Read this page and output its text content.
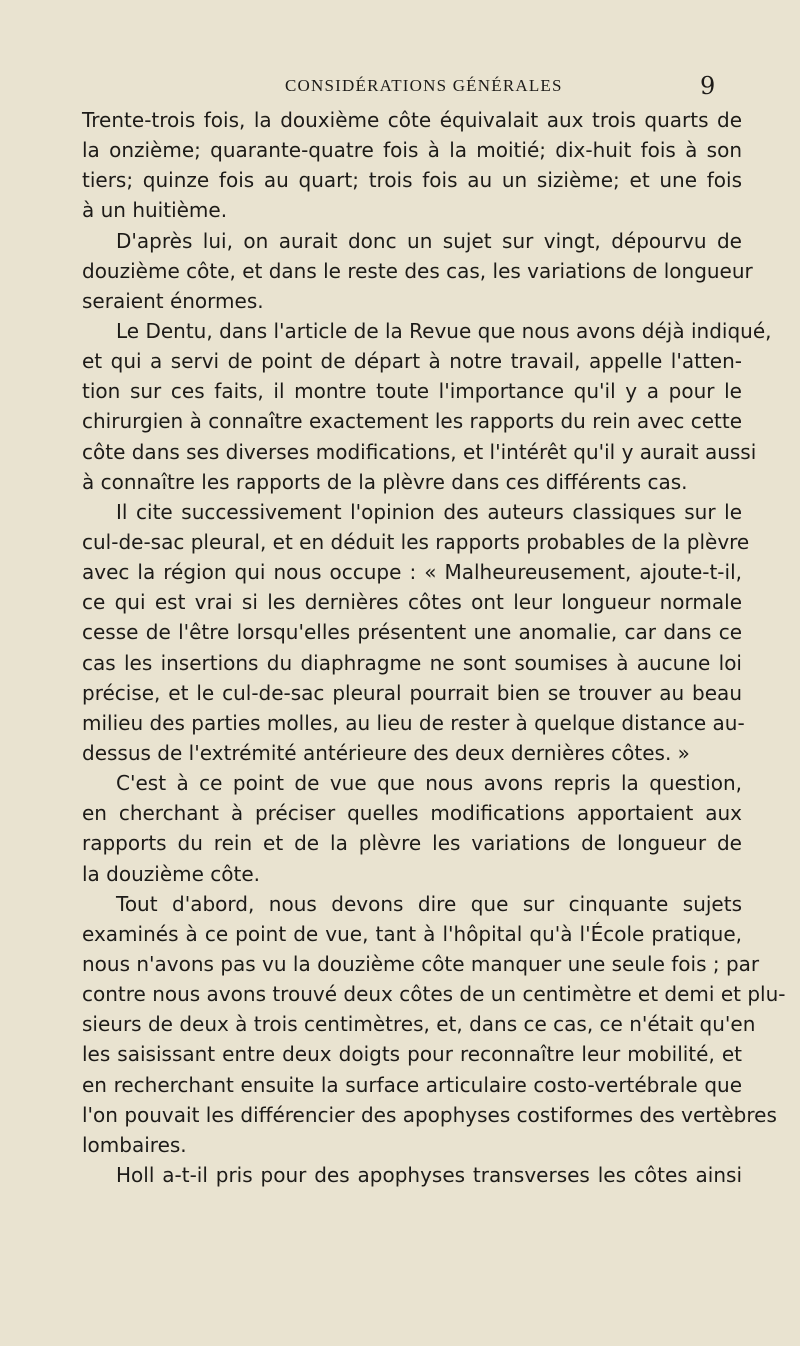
CONSIDÉRATIONS GÉNÉRALES	9
Trente-trois fois, la douxième côte équivalait aux trois quarts de
la onzième; quarante-quatre fois à la moitié; dix-huit fois à son
tiers; quinze fois au quart; trois fois au un sizième; et une fois
à un huitième.
D'après lui, on aurait donc un sujet sur vingt, dépourvu de
douzième côte, et dans le reste des cas, les variations de longueur
seraient énormes.
Le Dentu, dans l'article de la Revue que nous avons déjà indiqué,
et qui a servi de point de départ à notre travail, appelle l'atten-
tion sur ces faits, il montre toute l'importance qu'il y a pour le
chirurgien à connaître exactement les rapports du rein avec cette
côte dans ses diverses modifications, et l'intérêt qu'il y aurait aussi
à connaître les rapports de la plèvre dans ces différents cas.
Il cite successivement l'opinion des auteurs classiques sur le
cul-de-sac pleural, et en déduit les rapports probables de la plèvre
avec la région qui nous occupe : « Malheureusement, ajoute-t-il,
ce qui est vrai si les dernières côtes ont leur longueur normale
cesse de l'être lorsqu'elles présentent une anomalie, car dans ce
cas les insertions du diaphragme ne sont soumises à aucune loi
précise, et le cul-de-sac pleural pourrait bien se trouver au beau
milieu des parties molles, au lieu de rester à quelque distance au-
dessus de l'extrémité antérieure des deux dernières côtes. »
C'est à ce point de vue que nous avons repris la question,
en cherchant à préciser quelles modifications apportaient aux
rapports du rein et de la plèvre les variations de longueur de
la douzième côte.
Tout d'abord, nous devons dire que sur cinquante sujets
examinés à ce point de vue, tant à l'hôpital qu'à l'École pratique,
nous n'avons pas vu la douzième côte manquer une seule fois ; par
contre nous avons trouvé deux côtes de un centimètre et demi et plu-
sieurs de deux à trois centimètres, et, dans ce cas, ce n'était qu'en
les saisissant entre deux doigts pour reconnaître leur mobilité, et
en recherchant ensuite la surface articulaire costo-vertébrale que
l'on pouvait les différencier des apophyses costiformes des vertèbres
lombaires.
Holl a-t-il pris pour des apophyses transverses les côtes ainsi
